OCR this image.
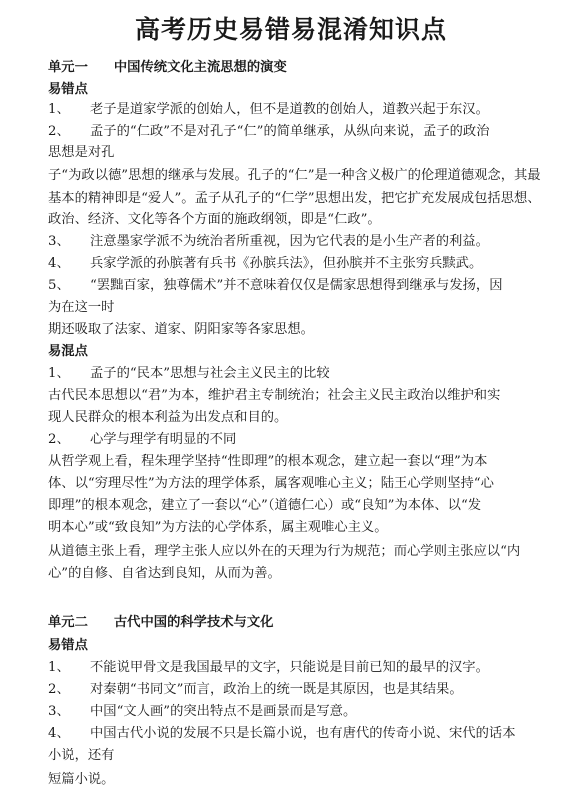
高考历史易错易混淆知识点
单元一 中国传统文化主流思想的演变
易错点
1、 老子是道家学派的创始人，但不是道教的创始人，道教兴起于东汉。
2、 孟子的“仁政”不是对孔子“仁”的简单继承，从纵向来说，孟子的政治
思想是对孔
子“为政以德”思想的继承与发展。孔子的“仁”是一种含义极广的伦理道德观念，其最
基本的精神即是“爱人”。孟子从孔子的“仁学”思想出发，把它扩充发展成包括思想、
政治、经济、文化等各个方面的施政纲领，即是“仁政”。
3、 注意墨家学派不为统治者所重视，因为它代表的是小生产者的利益。
4、 兵家学派的孙膑著有兵书《孙膑兵法》，但孙膑并不主张穷兵黩武。
5、 “罢黜百家，独尊儒术”并不意味着仅仅是儒家思想得到继承与发扬，因
为在这一时
期还吸取了法家、道家、阴阳家等各家思想。
易混点
1、 孟子的“民本”思想与社会主义民主的比较
古代民本思想以“君”为本，维护君主专制统治；社会主义民主政治以维护和实
现人民群众的根本利益为出发点和目的。
2、 心学与理学有明显的不同
从哲学观上看，程朱理学坚持“性即理”的根本观念，建立起一套以“理”为本
体、以“穷理尽性”为方法的理学体系，属客观唯心主义；陆王心学则坚持“心
即理”的根本观念，建立了一套以“心”（道德仁心）或“良知”为本体、以“发
明本心”或“致良知”为方法的心学体系，属主观唯心主义。
从道德主张上看，理学主张人应以外在的天理为行为规范；而心学则主张应以“内
心”的自修、自省达到良知，从而为善。
单元二 古代中国的科学技术与文化
易错点
1、 不能说甲骨文是我国最早的文字，只能说是目前已知的最早的汉字。
2、 对秦朝“书同文”而言，政治上的统一既是其原因，也是其结果。
3、 中国“文人画”的突出特点不是画景而是写意。
4、 中国古代小说的发展不只是长篇小说，也有唐代的传奇小说、宋代的话本
小说，还有
短篇小说。
